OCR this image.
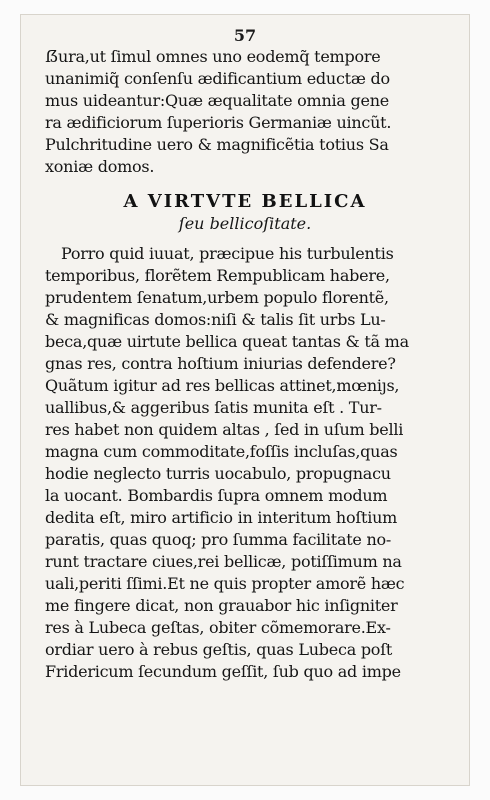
57
ẞura,ut ſimul omnes uno eodemq̃ tempore
unanimiq̃ conſenſu ædificantium eductæ do
mus uideantur:Quæ æqualitate omnia gene
ra ædificiorum ſuperioris Germaniæ uincũt.
Pulchritudine uero & magnificẽtia totius Sa
xoniæ domos.
A VIRTVTE BELLICA
ſeu belliсoſitate.
Porro quid iuuat, præcipue his turbulentis
temporibus, florẽtem Rempublicam habere,
prudentem ſenatum,urbem populo florentẽ,
& magnificas domos:niſi & talis ſit urbs Lu-
beca,quæ uirtute bellica queat tantas & tã ma
gnas res, contra hoſtium iniurias defendere?
Quãtum igitur ad res bellicas attinet,mœniȷs,
uallibus,& aggeribus ſatis munita eſt . Tur-
res habet non quidem altas , ſed in uſum belli
magna cum commoditate,foſſis incluſas,quas
hodie neglecto turris uocabulo, propugnacu
la uocant. Bombardis ſupra omnem modum
dedita eſt, miro artificio in interitum hoſtium
paratis, quas quoq; pro ſumma facilitate no-
runt tractare ciues,rei bellicæ, potiſſimum na
uali,periti ſſimi.Et ne quis propter amorẽ hæc
me fingere dicat, non grauabor hic inſigniter
res à Lubeca geſtas, obiter cõmemorare.Ex-
ordiar uero à rebus geſtis, quas Lubeca poſt
Fridericum ſecundum geſſit, ſub quo ad impe
